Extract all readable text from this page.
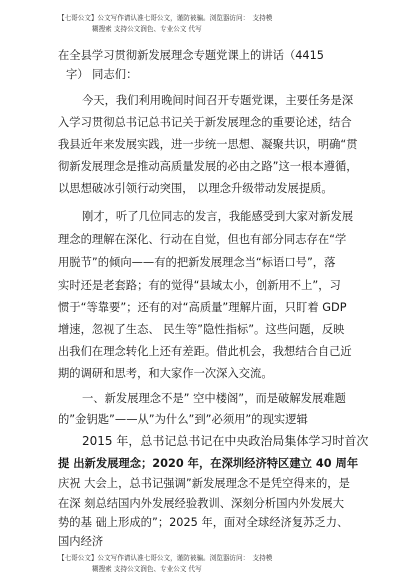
【七哥公文】公文写作请认准七哥公文，谨防被骗。浏览器访问：　支持模
糊搜索 支持公文润色、专业公文 代写
在全县学习贯彻新发展理念专题党课上的讲话（4415
字） 同志们：
今天，我们利用晚间时间召开专题党课，主要任务是深
入学习贯彻总书记总书记关于新发展理念的重要论述，结合
我县近年来发展实践，进一步统一思想、凝聚共识，明确“贯
彻新发展理念是推动高质量发展的必由之路”这一根本遵循，
以思想破冰引领行动突围， 以理念升级带动发展提质。
刚才，听了几位同志的发言，我能感受到大家对新发展
理念的理解在深化、行动在自觉，但也有部分同志存在“学
用脱节”的倾向——有的把新发展理念当“标语口号”，落
实时还是老套路；有的觉得“县域太小，创新用不上”，习
惯于“等靠要”；还有的对“高质量”理解片面，只盯着 GDP
增速，忽视了生态、 民生等”隐性指标”。这些问题，反映
出我们在理念转化上还有差距。借此机会，我想结合自己近
期的调研和思考，和大家作一次深入交流。
一、新发展理念不是” 空中楼阁”，而是破解发展难题
的”金钥匙”——从”为什么”到”必须用”的现实逻辑
2015 年，总书记总书记在中央政治局集体学习时首次
提 出新发展理念；2020 年，在深圳经济特区建立 40 周年
庆祝 大会上，总书记强调”新发展理念不是凭空得来的，是
在深 刻总结国内外发展经验教训、深刻分析国内外发展大
势的基 础上形成的”；2025 年，面对全球经济复苏乏力、
国内经济
【七哥公文】公文写作请认准七哥公文，谨防被骗。浏览器访问：　支持模
糊搜索 支持公文润色、专业公文 代写
